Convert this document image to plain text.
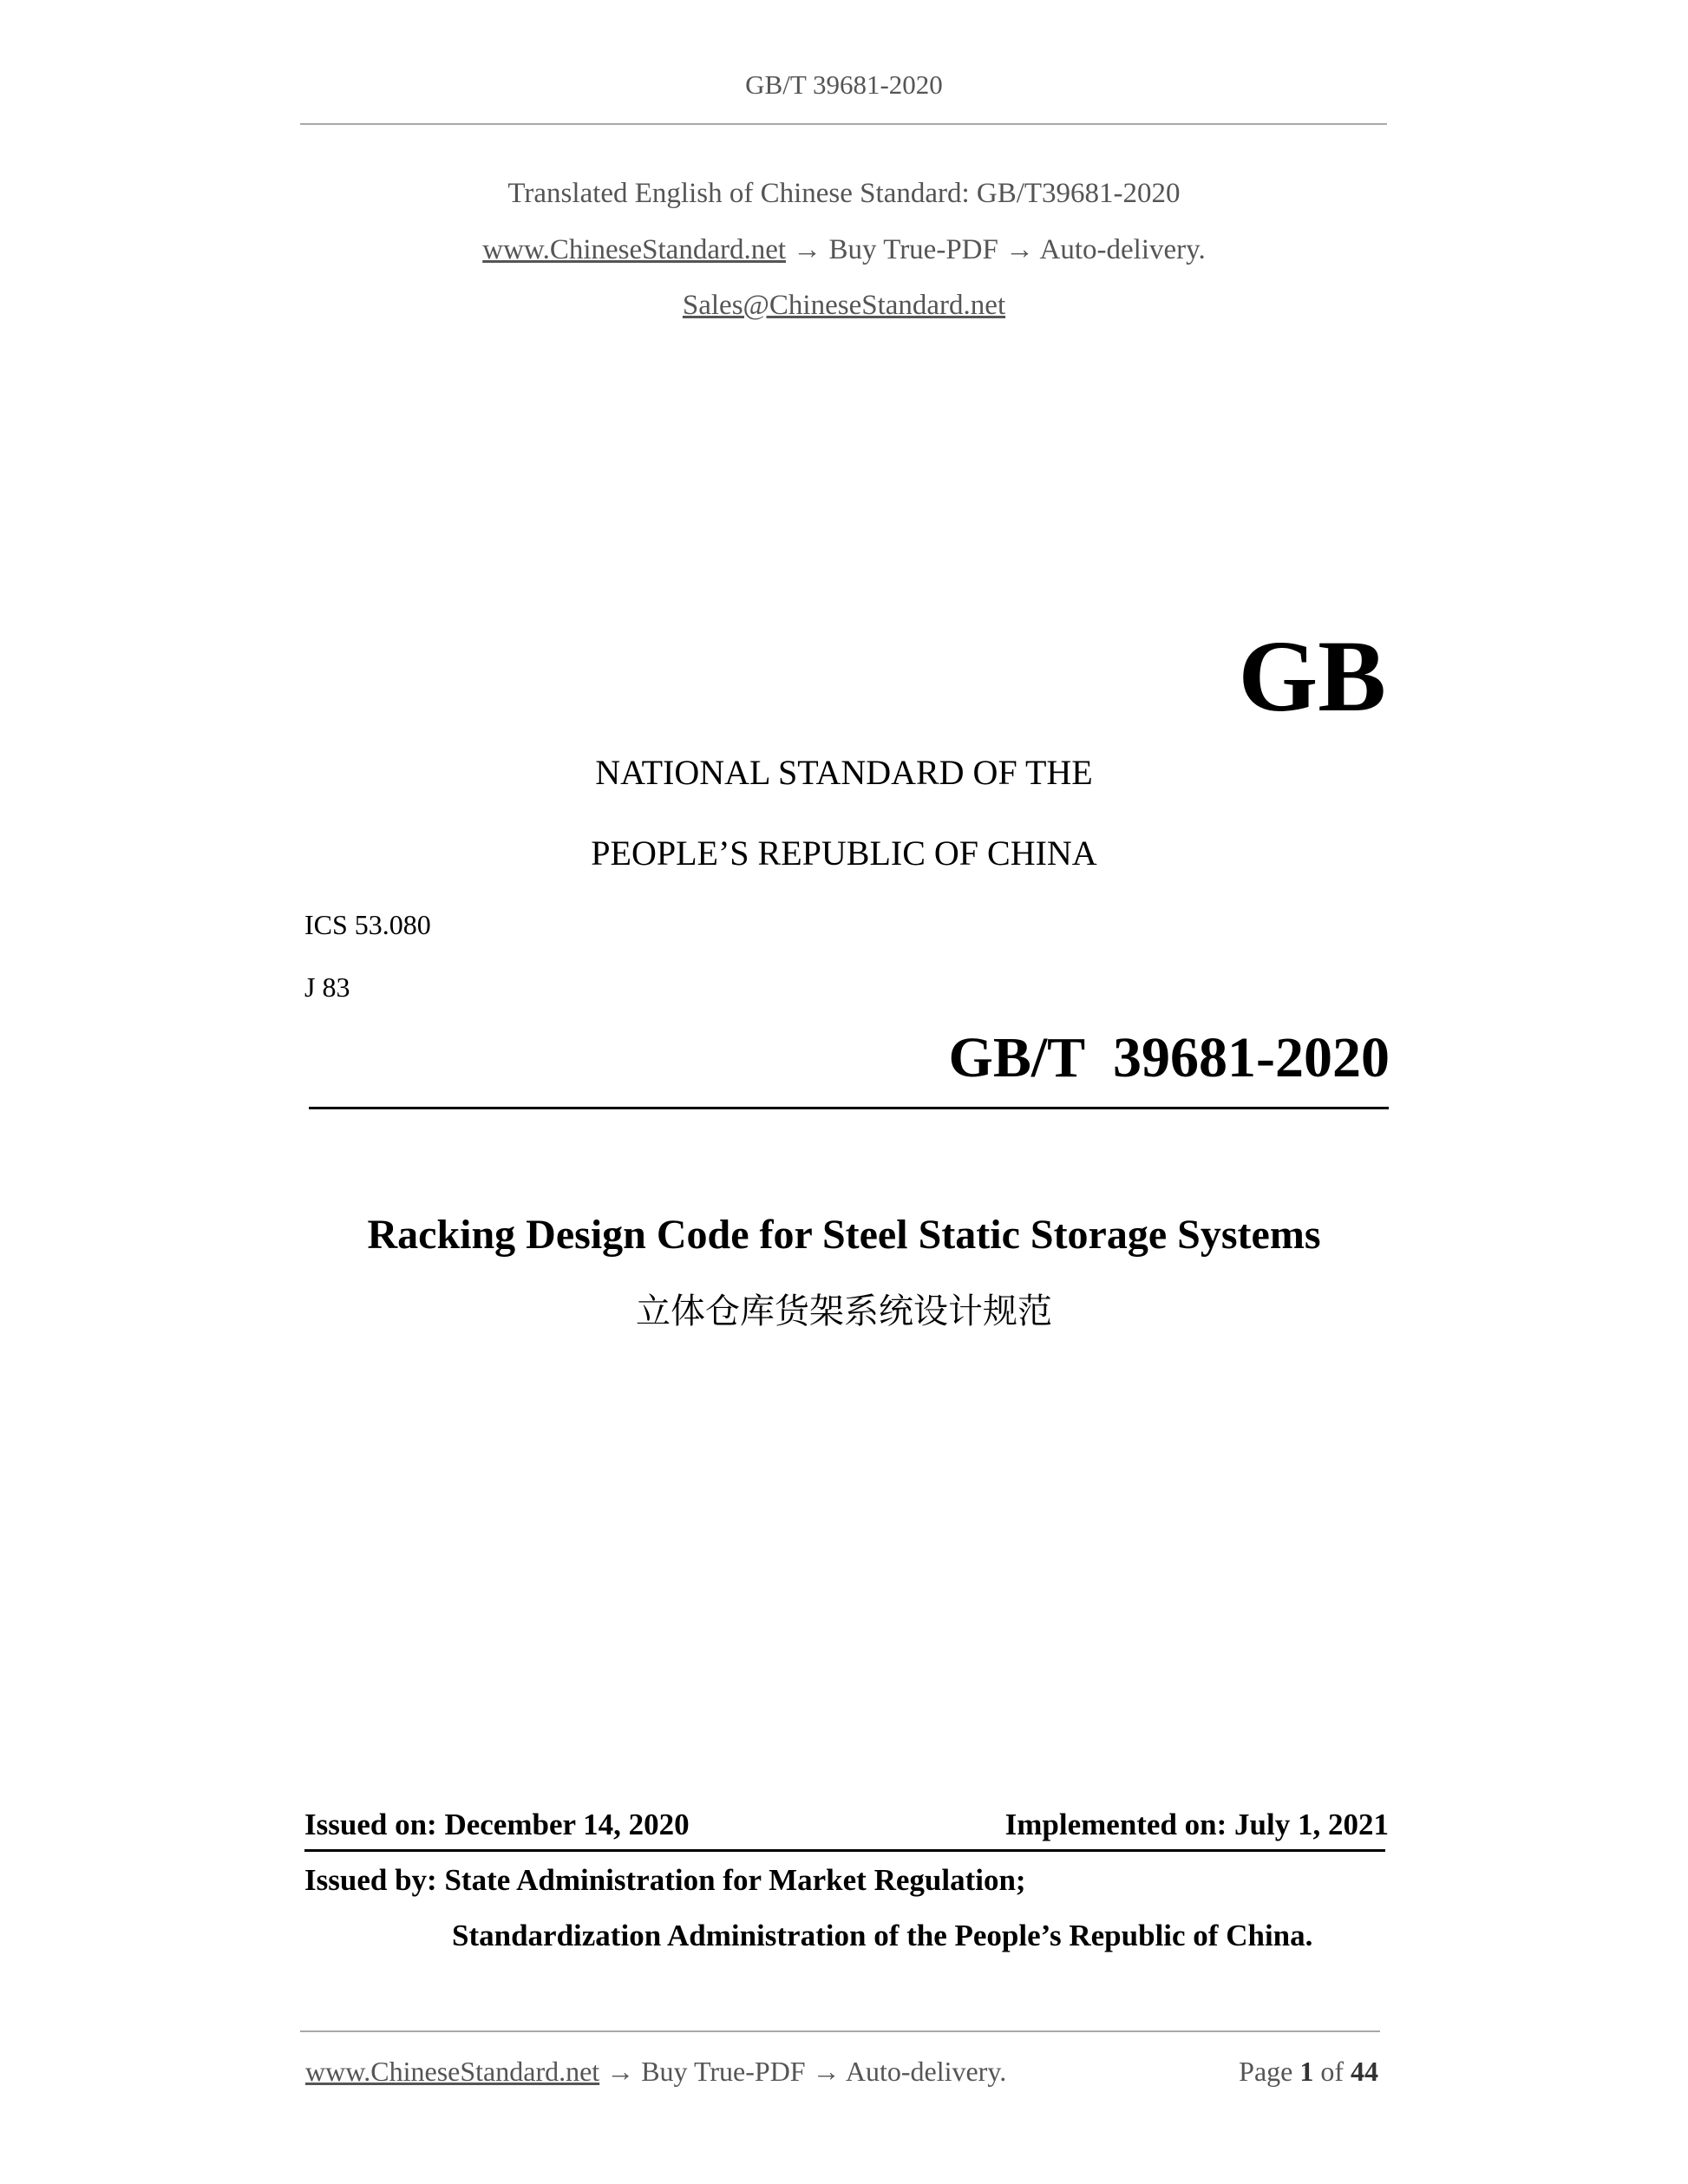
GB/T 39681-2020
Translated English of Chinese Standard: GB/T39681-2020
www.ChineseStandard.net → Buy True-PDF → Auto-delivery.
Sales@ChineseStandard.net
GB
NATIONAL STANDARD OF THE
PEOPLE’S REPUBLIC OF CHINA
ICS 53.080
J 83
GB/T  39681-2020
Racking Design Code for Steel Static Storage Systems
立体仓库货架系统设计规范
Issued on: December 14, 2020	Implemented on: July 1, 2021
Issued by: State Administration for Market Regulation;
Standardization Administration of the People’s Republic of China.
www.ChineseStandard.net → Buy True-PDF → Auto-delivery.	Page 1 of 44
